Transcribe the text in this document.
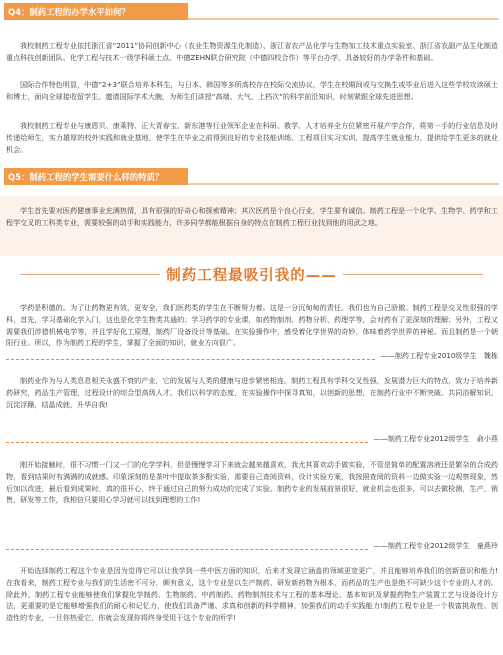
Q4：制药工程的办学水平如何？

我校制药工程专业依托浙江省“2011”协同创新中心（农业生物资源生化制造）、浙江省农产品化学与生物加工技术重点实验室、浙江省农副产品生化制造重点科技创新团队、化学工程与技术一级学科硕士点、中德ZEHN联合研究院（中德四校合作）等平台办学，具备较好的办学条件和基础。

国际合作特色明显，中德“2+3”联合培养本科生，与日本、韩国等多所高校存在校际交流协议，学生在校期间或与交换生或毕业后进入这些学校攻读硕士和博士，面向全球接收留学生。邀请国际学术大腕，为师生们讲授“高端、大气、上档次”的科学前沿知识，时刻紧跟全球先进思想。

我校制药工程专业与康恩贝、康莱特、正大青春宝、新东港等行业领军企业在科研、教学、人才培养全方位紧密开展产学合作，将第一手的行业信息及时传递给师生，实力雄厚的校外实践和就业基地，使学生在毕业之前得到良好的专业技能训练、工程项目实习实训，提高学生就业能力，提供给学生更多的就业机会。

Q5：制药工程的学生需要什么样的特质？

学生首先要对医药健康事业充满热情，具有很强的好奇心和探索精神；其次医药是个良心行业，学生要有诚信。制药工程是一个化学、生物学、药学和工程学交叉的工科类专业，需要较强的动手和实践能力，许多同学都能根据自身的特点在制药工程行业找到他的用武之地。

制药工程最吸引我的——

学药是积德的。为了让药物更有效，更安全，我们医药类的学生在不断努力着。这是一分沉甸甸的责任，我们也为自己骄傲。制药工程是交叉性很强的学科，首先，学习基础化学入门，这也是化学生物类共通的；学习药学的专业课，如药物制剂、药物分析、药理学等，会对药有了更深刻的理解；另外，工程又需要我们涉猎机械电学等，并且学好化工原理，制药厂设备设计等基础。在实验操作中，感受着化学世界的奇妙，体味着药学世界的神秘。而且制药是一个朝阳行业。所以，作为制药工程的学生，掌握了全面的知识，就业方向很广。

——制药工程专业2010级学生　魏栋

制药业作为与人类息息相关永盛不衰的产业，它的发展与人类的健康与进步紧密相连。制药工程具有学科交叉性强，发展潜力巨大的特点，致力于培养新药研究，药品生产管理，过程设计的综合型高级人才。我们以科学的态度，在实验操作中探寻真知，以创新的思想，在制药行业中不断突破。共同浴解知识，沉淀浮躁，结晶成就，升华自我!

——制药工程专业2012级学生　俞小燕

刚开始接触时，很不习惯一门又一门的化学学科，但是慢慢学习下来就会越来越喜欢，我尤其喜欢动手做实验，不管是简单的配置溶液还是繁杂的合成药物，看到结果时有满满的成就感。印象深刻的是茶叶中提取茶多酚实验，需要自己查阅资料，设计实验方案，我按照查阅的资料一边做实验一边观察现象，然后加以改进，最后看到成果时，真的很开心，终于通过自己的努力成功的完成了实验。制药专业的发展前景很好，就业机会也很多，可以去做检测，生产，销售，研发等工作，我相信只要用心学习就可以找到理想的工作!

——制药工程专业2012级学生　童燕玲

开始选择制药工程这个专业是因为觉得它可以让我学到一些中医方面的知识，后来才发现它涵盖的领域更宽更广，并且能够培养我们的创新意识和能力!在我看来，制药工程专业与我们的生活密不可分，颇有意义，这个专业是以生产制药、研发新药物为根本，而药品的生产也是绝不可缺少这个专业的人才的。除此外，制药工程专业能够使我们掌握化学制药、生物制药、中药制药、药物制剂技术与工程的基本理论、基本知识及掌握药物生产装置工艺与设备设计方法，更重要的是它能够增强我们的耐心和记忆力，使我们具备严谨、求真和创新的科学精神，加强我们的动手实践能力!制药工程专业是一个极富挑战性、创造性的专业，一旦你热爱它，你就会发现你将终身受用于这个专业的所学!
